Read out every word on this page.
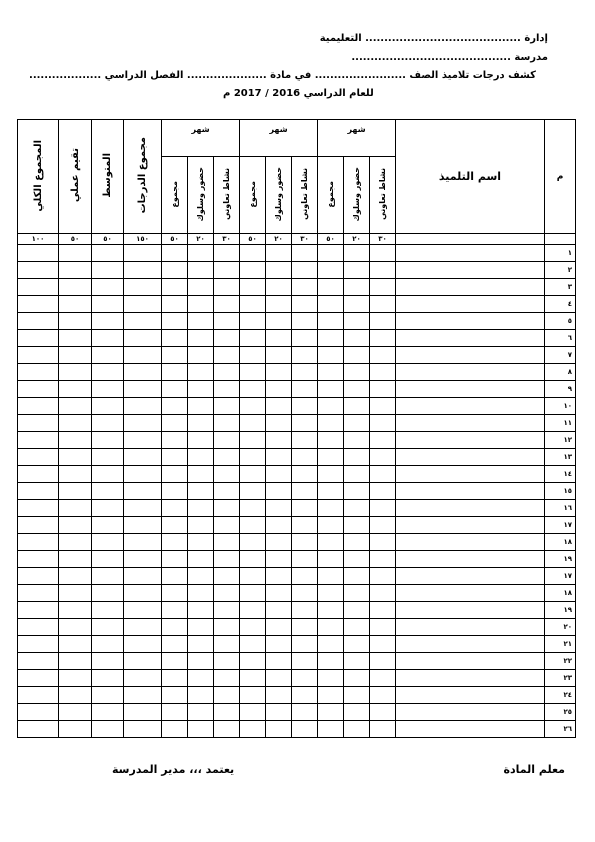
إدارة ......................................... التعليمية
مدرسة ..........................................
كشف درجات تلاميذ الصف ........................ في مادة ..................... الفصل الدراسي ...................
للعام الدراسي 2016 / 2017 م
المجموع الكلي	تقيم عملي	المتوسط	مجموع الدرجات	شهر			شهر			شهر			اسم التلميذ	م
				مجموع	حضور وسلوك	نشاط تعاوني	مجموع	حضور وسلوك	نشاط تعاوني	مجموع	حضور وسلوك	نشاط تعاوني		
١٠٠	٥٠	٥٠	١٥٠	٥٠	٢٠	٣٠	٥٠	٢٠	٣٠	٥٠	٢٠	٣٠		
														١
														٢
														٣
														٤
														٥
														٦
														٧
														٨
														٩
														١٠
														١١
														١٢
														١٣
														١٤
														١٥
														١٦
														١٧
														١٨
														١٩
														١٧
														١٨
														١٩
														٢٠
														٢١
														٢٢
														٢٣
														٢٤
														٢٥
														٢٦
معلم المادة
يعتمد ،،، مدير المدرسة
